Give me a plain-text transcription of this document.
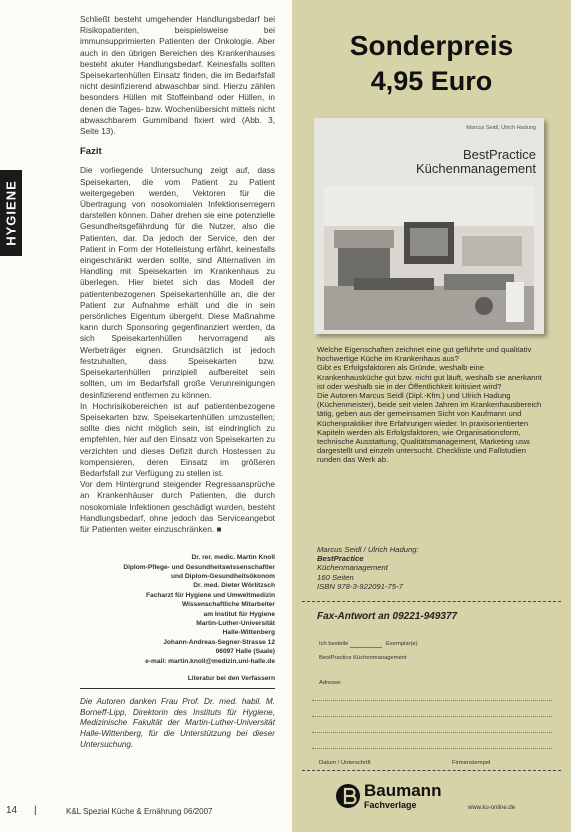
HYGIENE

Schließt besteht umgehender Handlungsbedarf bei Risikopatienten, beispielsweise bei immunsupprimierten Patienten der Onkologie. Aber auch in den übrigen Bereichen des Krankenhauses besteht akuter Handlungsbedarf. Keinesfalls sollten Speisekartenhüllen Einsatz finden, die im Bedarfsfall nicht desinfizierend abwaschbar sind. Hierzu zählen besonders Hüllen mit Stoffeinband oder Hüllen, in denen die Tages- bzw. Wochenübersicht mittels nicht abwaschbarem Gummiband fixiert wird (Abb. 3, Seite 13).

Fazit

Die vorliegende Untersuchung zeigt auf, dass Speisekarten, die vom Patient zu Patient weitergegeben werden, Vektoren für die Übertragung von nosokomialen Infektionserregern darstellen können. Daher drehen sie eine potenzielle Gesundheitsgefährdung für die Nutzer, also die Patienten, dar. Da jedoch der Service, den der Patient in Form der Hotelleistung erfährt, keinesfalls eingeschränkt werden sollte, sind Alternativen im Handling mit Speisekarten im Krankenhaus zu überlegen. Hier bietet sich das Modell der patientenbezogenen Speisekartenhülle an, die der Patient zur Aufnahme erhält und die in sein persönliches Eigentum übergeht. Diese Maßnahme kann durch Sponsoring gegenfinanziert werden, da sich Speisekartenhüllen hervorragend als Werbeträger eignen. Grundsätzlich ist jedoch festzuhalten, dass Speisekarten bzw. Speisekartenhüllen prinzipiell aufbereitet sein sollten, um im Bedarfsfall große Verunreinigungen desinfizierend entfernen zu können.

In Hochrisikobereichen ist auf patientenbezogene Speisekarten bzw. Speisekartenhüllen umzustellen; sollte dies nicht möglich sein, ist eindringlich zu empfehlen, hier auf den Einsatz von Speisekarten zu verzichten und dieses Defizit durch Hostessen zu kompensieren, deren Einsatz im größeren Bedarfsfall zur Verfügung zu stellen ist.

Vor dem Hintergrund steigender Regressansprüche an Krankenhäuser durch Patienten, die durch nosokomiale Infektionen geschädigt wurden, besteht Handlungsbedarf, ohne jedoch das Serviceangebot für Patienten weiter einzuschränken. ■

Dr. rer. medic. Martin Knoll
Diplom-Pflege- und Gesundheitswissenschaftler
und Diplom-Gesundheitsökonom
Dr. med. Dieter Wörlitzsch
Facharzt für Hygiene und Umweltmedizin
Wissenschaftliche Mitarbeiter
am Institut für Hygiene
Martin-Luther-Universität
Halle-Wittenberg
Johann-Andreas-Segner-Strasse 12
06097 Halle (Saale)
e-mail: martin.knoll@medizin.uni-halle.de
Literatur bei den Verfassern

Die Autoren danken Frau Prof. Dr. med. habil. M. Borneff-Lipp, Direktorin des Instituts für Hygiene, Medizinische Fakultät der Martin-Luther-Universität Halle-Wittenberg, für die Unterstützung bei dieser Untersuchung.

14 |	K&L Spezial Küche & Ernährung 06/2007
Sonderpreis
4,95 Euro
Marcus Seidl, Ulrich Hadung
BestPractice
Küchenmanagement

Welche Eigenschaften zeichnet eine gut geführte und qualitativ hochwertige Küche im Krankenhaus aus?

Gibt es Erfolgsfaktoren als Gründe, weshalb eine Krankenhausküche gut bzw. nicht gut läuft, weshalb sie anerkannt ist oder weshalb sie in der Öffentlichkeit kritisiert wird?

Die Autoren Marcus Seidl (Dipl.-Kfm.) und Ulrich Hadung (Küchenmeister), beide seit vielen Jahren im Krankenhausbereich tätig, geben aus der gemeinsamen Sicht von Kaufmann und Küchenpraktiker ihre Erfahrungen wieder. In praxisorientierten Kapiteln werden als Erfolgsfaktoren, wie Organisationsform, technische Ausstattung, Qualitätsmanagement, Marketing usw. dargestellt und einzeln untersucht. Checkliste und Fallstudien runden das Werk ab.

Marcus Seidl / Ulrich Hadung:
BestPractice
Küchenmanagement
160 Seiten
ISBN 978-3-922091-75-7
Fax-Antwort an 09221-949377
Ich bestelle	Exemplar(e)
BestPractice Küchenmanagement
Adresse:
Datum / Unterschrift	Firmenstempel
Baumann
Fachverlage	www.ku-online.de
